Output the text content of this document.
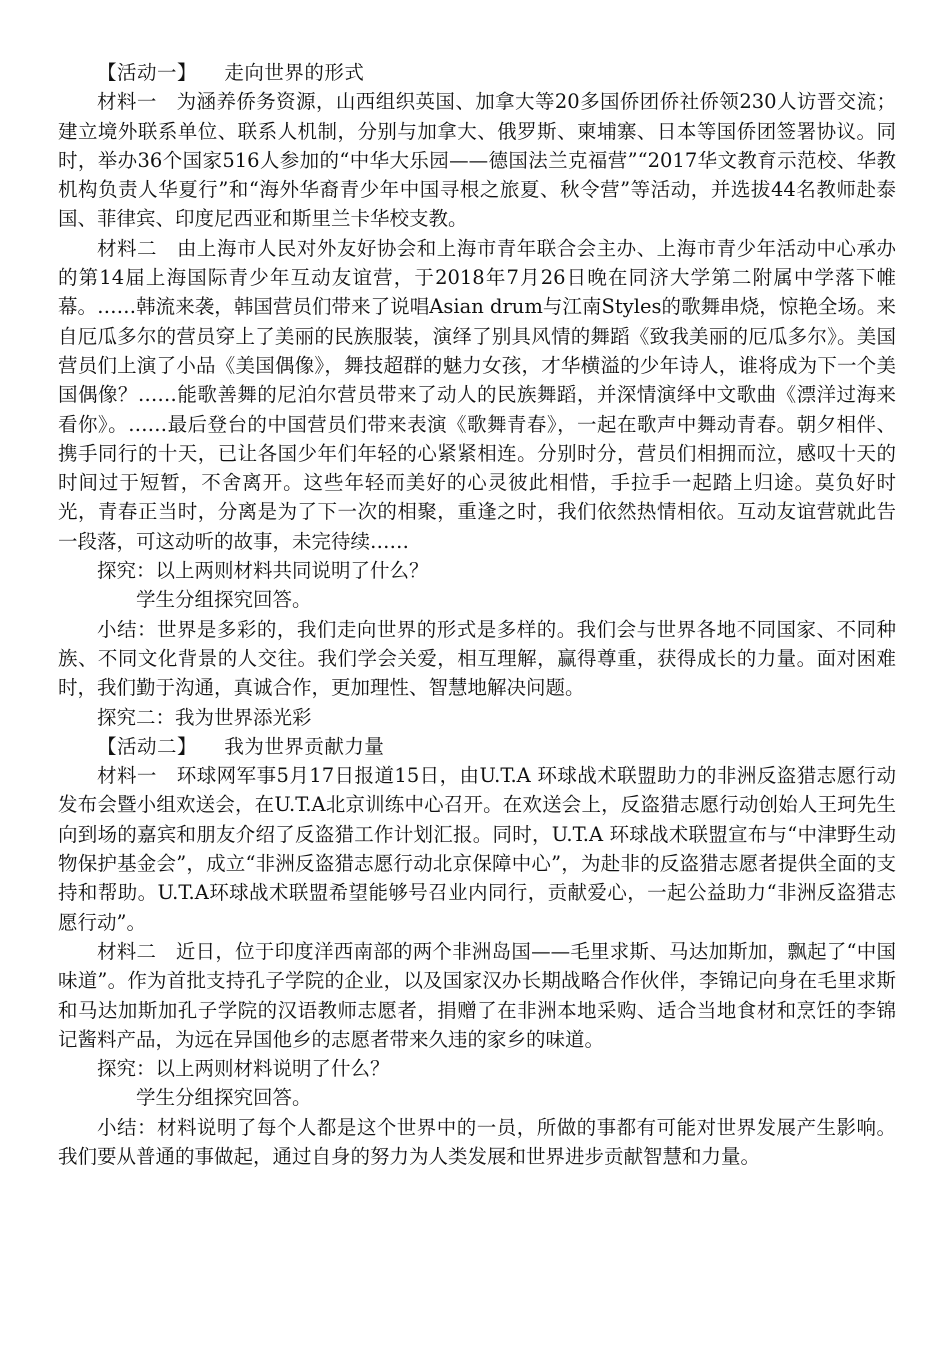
【活动一】 走向世界的形式

材料一　为涵养侨务资源，山西组织英国、加拿大等20多国侨团侨社侨领230人访晋交流；建立境外联系单位、联系人机制，分别与加拿大、俄罗斯、柬埔寨、日本等国侨团签署协议。同时，举办36个国家516人参加的“中华大乐园——德国法兰克福营”“2017华文教育示范校、华教机构负责人华夏行”和“海外华裔青少年中国寻根之旅夏、秋令营”等活动，并选拔44名教师赴泰国、菲律宾、印度尼西亚和斯里兰卡华校支教。

材料二　由上海市人民对外友好协会和上海市青年联合会主办、上海市青少年活动中心承办的第14届上海国际青少年互动友谊营，于2018年7月26日晚在同济大学第二附属中学落下帷幕。……韩流来袭，韩国营员们带来了说唱Asian drum与江南Styles的歌舞串烧，惊艳全场。来自厄瓜多尔的营员穿上了美丽的民族服装，演绎了别具风情的舞蹈《致我美丽的厄瓜多尔》。美国营员们上演了小品《美国偶像》，舞技超群的魅力女孩，才华横溢的少年诗人，谁将成为下一个美国偶像？……能歌善舞的尼泊尔营员带来了动人的民族舞蹈，并深情演绎中文歌曲《漂洋过海来看你》。……最后登台的中国营员们带来表演《歌舞青春》，一起在歌声中舞动青春。朝夕相伴、携手同行的十天，已让各国少年们年轻的心紧紧相连。分别时分，营员们相拥而泣，感叹十天的时间过于短暂，不舍离开。这些年轻而美好的心灵彼此相惜，手拉手一起踏上归途。莫负好时光，青春正当时，分离是为了下一次的相聚，重逢之时，我们依然热情相依。互动友谊营就此告一段落，可这动听的故事，未完待续……

探究：以上两则材料共同说明了什么？

学生分组探究回答。

小结：世界是多彩的，我们走向世界的形式是多样的。我们会与世界各地不同国家、不同种族、不同文化背景的人交往。我们学会关爱，相互理解，赢得尊重，获得成长的力量。面对困难时，我们勤于沟通，真诚合作，更加理性、智慧地解决问题。

探究二：我为世界添光彩

【活动二】 我为世界贡献力量

材料一　环球网军事5月17日报道15日，由U.T.A 环球战术联盟助力的非洲反盗猎志愿行动发布会暨小组欢送会，在U.T.A北京训练中心召开。在欢送会上，反盗猎志愿行动创始人王珂先生向到场的嘉宾和朋友介绍了反盗猎工作计划汇报。同时，U.T.A 环球战术联盟宣布与“中津野生动物保护基金会”，成立“非洲反盗猎志愿行动北京保障中心”，为赴非的反盗猎志愿者提供全面的支持和帮助。U.T.A环球战术联盟希望能够号召业内同行，贡献爱心，一起公益助力“非洲反盗猎志愿行动”。

材料二　近日，位于印度洋西南部的两个非洲岛国——毛里求斯、马达加斯加，飘起了“中国味道”。作为首批支持孔子学院的企业，以及国家汉办长期战略合作伙伴，李锦记向身在毛里求斯和马达加斯加孔子学院的汉语教师志愿者，捐赠了在非洲本地采购、适合当地食材和烹饪的李锦记酱料产品，为远在异国他乡的志愿者带来久违的家乡的味道。

探究：以上两则材料说明了什么？

学生分组探究回答。

小结：材料说明了每个人都是这个世界中的一员，所做的事都有可能对世界发展产生影响。我们要从普通的事做起，通过自身的努力为人类发展和世界进步贡献智慧和力量。
